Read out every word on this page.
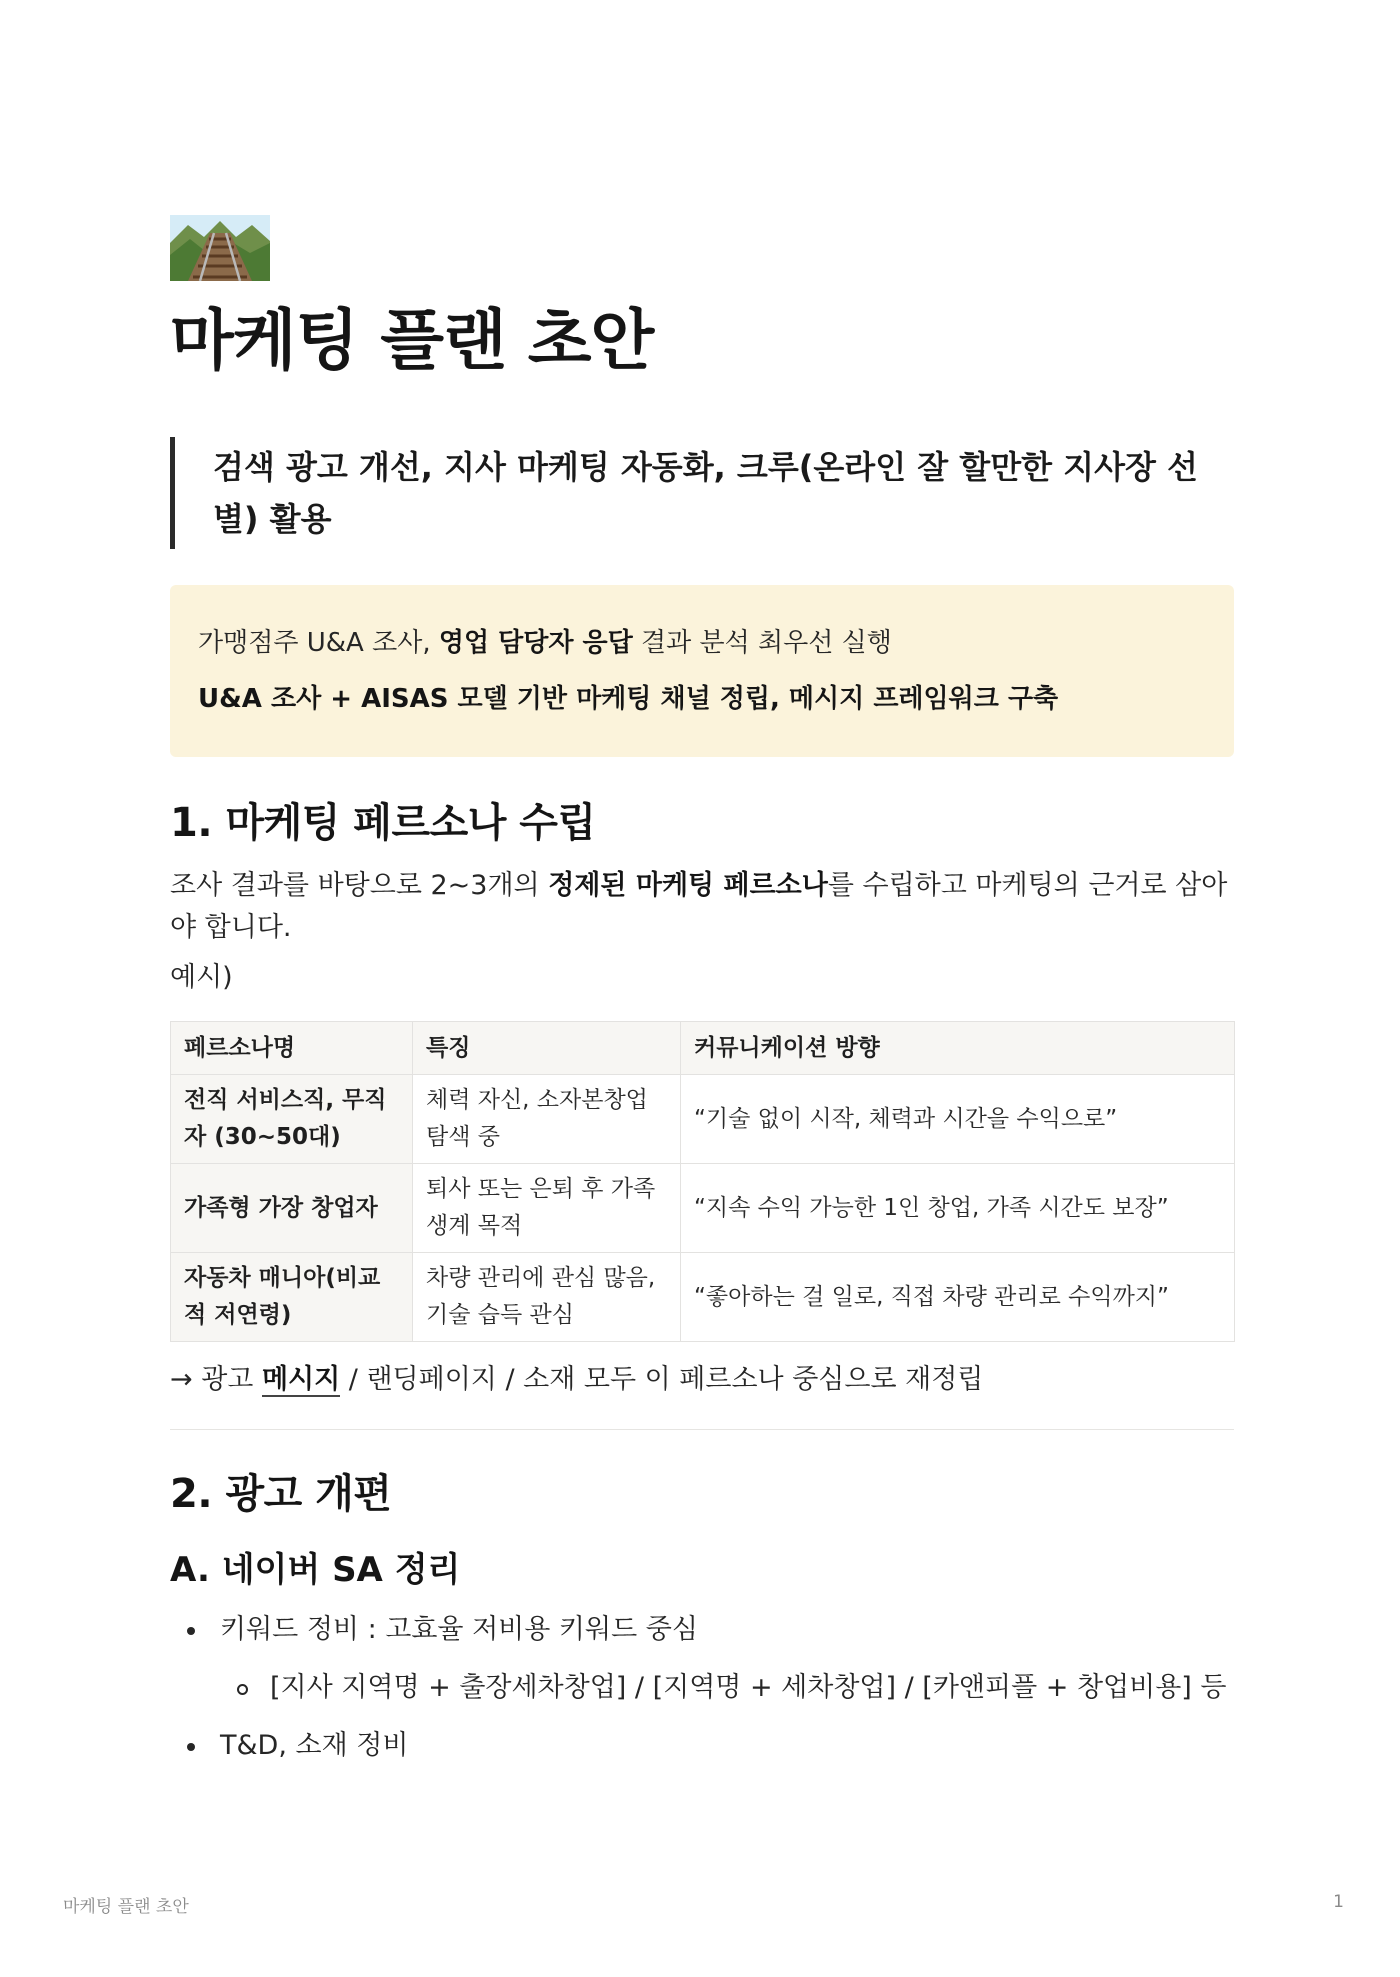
마케팅 플랜 초안
검색 광고 개선, 지사 마케팅 자동화, 크루(온라인 잘 할만한 지사장 선별) 활용

가맹점주 U&A 조사, 영업 담당자 응답 결과 분석 최우선 실행

U&A 조사 + AISAS 모델 기반 마케팅 채널 정립, 메시지 프레임워크 구축

1. 마케팅 페르소나 수립

조사 결과를 바탕으로 2~3개의 정제된 마케팅 페르소나를 수립하고 마케팅의 근거로 삼아야 합니다.

예시)

페르소나명	특징	커뮤니케이션 방향
전직 서비스직, 무직자 (30~50대)	체력 자신, 소자본창업 탐색 중	“기술 없이 시작, 체력과 시간을 수익으로”
가족형 가장 창업자	퇴사 또는 은퇴 후 가족 생계 목적	“지속 수익 가능한 1인 창업, 가족 시간도 보장”
자동차 매니아(비교적 저연령)	차량 관리에 관심 많음, 기술 습득 관심	“좋아하는 걸 일로, 직접 차량 관리로 수익까지”

→ 광고 메시지 / 랜딩페이지 / 소재 모두 이 페르소나 중심으로 재정립

2. 광고 개편
A. 네이버 SA 정리
키워드 정비 : 고효율 저비용 키워드 중심
[지사 지역명 + 출장세차창업] / [지역명 + 세차창업] / [카앤피플 + 창업비용] 등
T&D, 소재 정비
마케팅 플랜 초안	1
